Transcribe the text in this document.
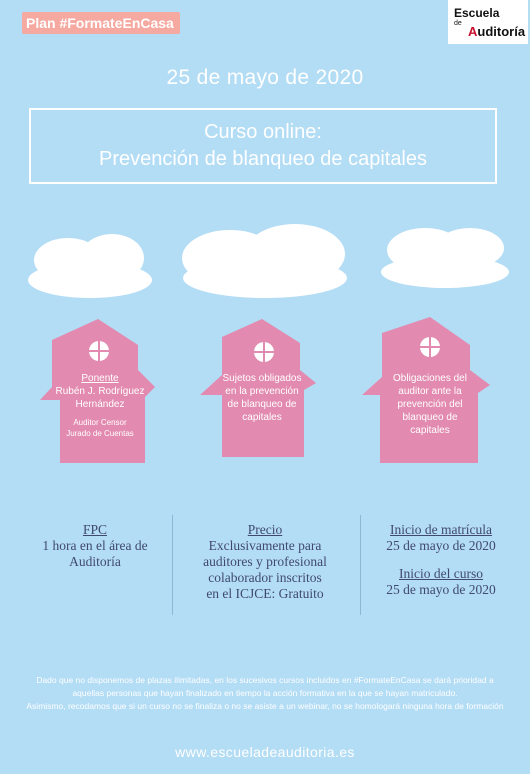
Plan #FormateEnCasa
Escuela
de
Auditoría
25 de mayo de 2020
Curso online:
Prevención de blanqueo de capitales
Ponente
Rubén J. Rodríguez
Hernández
Auditor Censor
Jurado de Cuentas
Sujetos obligados
en la prevención
de blanqueo de
capitales
Obligaciones del
auditor ante la
prevención del
blanqueo de
capitales
FPC
1 hora en el área de
Auditoría
Precio
Exclusivamente para
auditores y profesional
colaborador inscritos
en el ICJCE: Gratuito
Inicio de matrícula
25 de mayo de 2020
Inicio del curso
25 de mayo de 2020
Dado que no disponemos de plazas ilimitadas, en los sucesivos cursos incluidos en #FormateEnCasa se dará prioridad a
aquellas personas que hayan finalizado en tiempo la acción formativa en la que se hayan matriculado.
Asimismo, recodamos que si un curso no se finaliza o no se asiste a un webinar, no se homologará ninguna hora de formación
www.escueladeauditoria.es
